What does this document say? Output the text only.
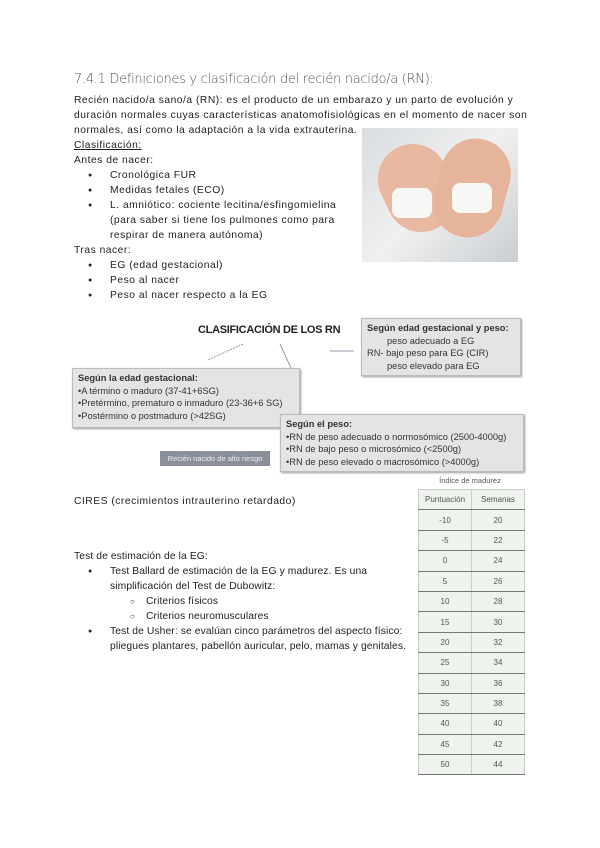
7.4.1 Definiciones y clasificación del recién nacido/a (RN):
Recién nacido/a sano/a (RN): es el producto de un embarazo y un parto de evolución y
duración normales cuyas características anatomofisiológicas en el momento de nacer son
normales, así como la adaptación a la vida extrauterina.
Clasificación:
Antes de nacer:
● Cronológica FUR
● Medidas fetales (ECO)
● L. amniótico: cociente lecitina/esfingomielina
(para saber si tiene los pulmones como para
respirar de manera autónoma)
Tras nacer:
● EG (edad gestacional)
● Peso al nacer
● Peso al nacer respecto a la EG
CLASIFICACIÓN DE LOS RN	Según edad gestacional y peso:
peso adecuado a EG
RN- bajo peso para EG (CIR)
peso elevado para EG
Según la edad gestacional:
•A término o maduro (37-41+6SG)
•Pretérmino, prematuro o inmaduro (23-36+6 SG)
•Postérmino o postmaduro (>42SG)
Según el peso:
•RN de peso adecuado o normosómico (2500-4000g)
•RN de bajo peso o microsómico (<2500g)
•RN de peso elevado o macrosómico (>4000g)
Recién nacido de alto riesgo
CIRES (crecimientos intrauterino retardado)
Test de estimación de la EG:
● Test Ballard de estimación de la EG y madurez. Es una
simplificación del Test de Dubowitz:
○ Criterios físicos
○ Criterios neuromusculares
● Test de Usher: se evalúan cinco parámetros del aspecto físico:
pliegues plantares, pabellón auricular, pelo, mamas y genitales.
Índice de madurez
Puntuación	Semanas
-10	20
-5	22
0	24
5	26
10	28
15	30
20	32
25	34
30	36
35	38
40	40
45	42
50	44
